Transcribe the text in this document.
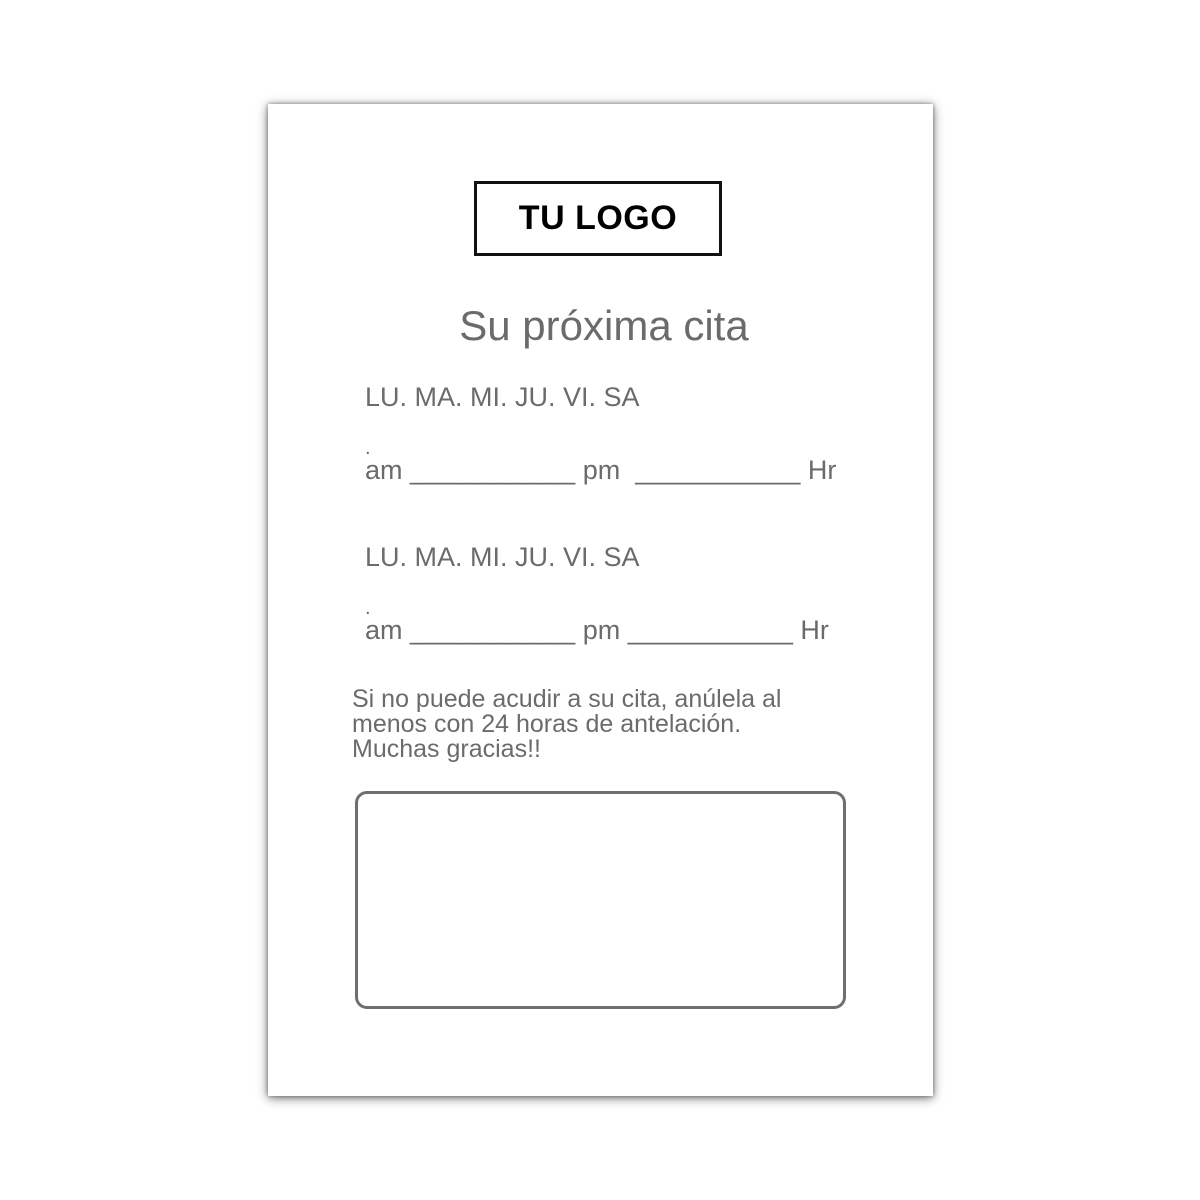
TU LOGO
Su próxima cita
LU. MA. MI. JU. VI. SA
.
am ___________ pm  ___________ Hr
LU. MA. MI. JU. VI. SA
.
am ___________ pm ___________ Hr
Si no puede acudir a su cita, anúlela al
menos con 24 horas de antelación.
Muchas gracias!!
